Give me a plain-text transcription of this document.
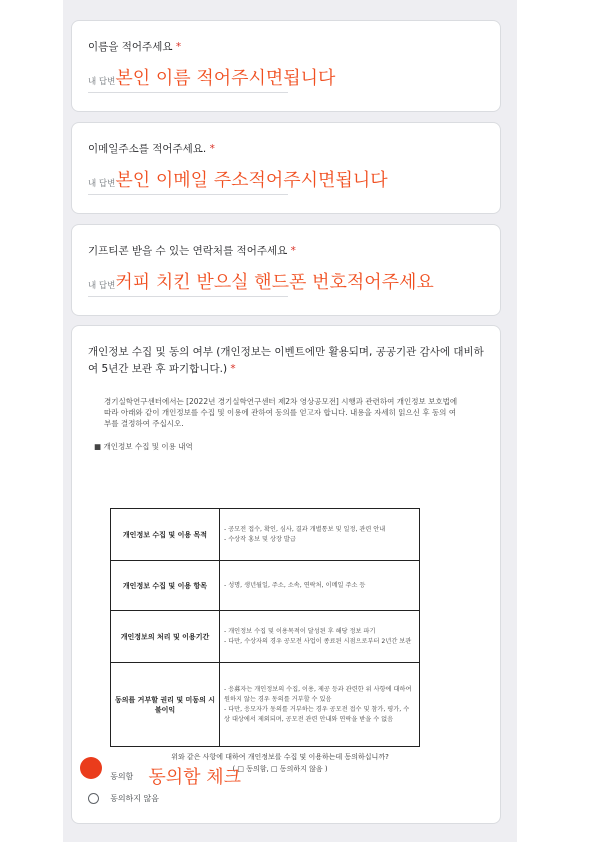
이름을 적어주세요 *
내 답변본인 이름 적어주시면됩니다
이메일주소를 적어주세요. *
내 답변본인 이메일 주소적어주시면됩니다
기프티콘 받을 수 있는 연락처를 적어주세요 *
내 답변커피 치킨 받으실 핸드폰 번호적어주세요
개인정보 수집 및 동의 여부 (개인정보는 이벤트에만 활용되며, 공공기관 감사에 대비하여 5년간 보관 후 파기합니다.) *
경기실학연구센터에서는 [2022년 경기실학연구센터 제2차 영상공모전] 시행과 관련하여 개인정보 보호법에 따라 아래와 같이 개인정보를 수집 및 이용에 관하여 동의를 얻고자 합니다. 내용을 자세히 읽으신 후 동의 여부를 결정하여 주십시오.
■ 개인정보 수집 및 이용 내역
개인정보 수집 및 이용 목적	- 공모전 접수, 확인, 심사, 결과 개별통보 및 일정, 관련 안내
- 수상작 홍보 및 상장 발급
개인정보 수집 및 이용 항목	- 성명, 생년월일, 주소, 소속, 연락처, 이메일 주소 등
개인정보의 처리 및 이용기간	- 개인정보 수집 및 이용목적이 달성된 후 해당 정보 파기
- 다만, 수상자의 경우 공모전 사업이 종료된 시점으로부터 2년간 보관
동의를 거부할 권리 및 미동의 시 불이익	- 응募자는 개인정보의 수집, 이용, 제공 등과 관련한 위 사항에 대하여 원하지 않는 경우 동의를 거부할 수 있음
- 다만, 응모자가 동의를 거부하는 경우 공모전 접수 및 참가, 평가, 수상 대상에서 제외되며, 공모전 관련 안내와 연락을 받을 수 없음
위와 같은 사항에 대하여 개인정보를 수집 및 이용하는데 동의하십니까?
( □ 동의함, □ 동의하지 않음 )
동의함 동의함 체크
동의하지 않음
